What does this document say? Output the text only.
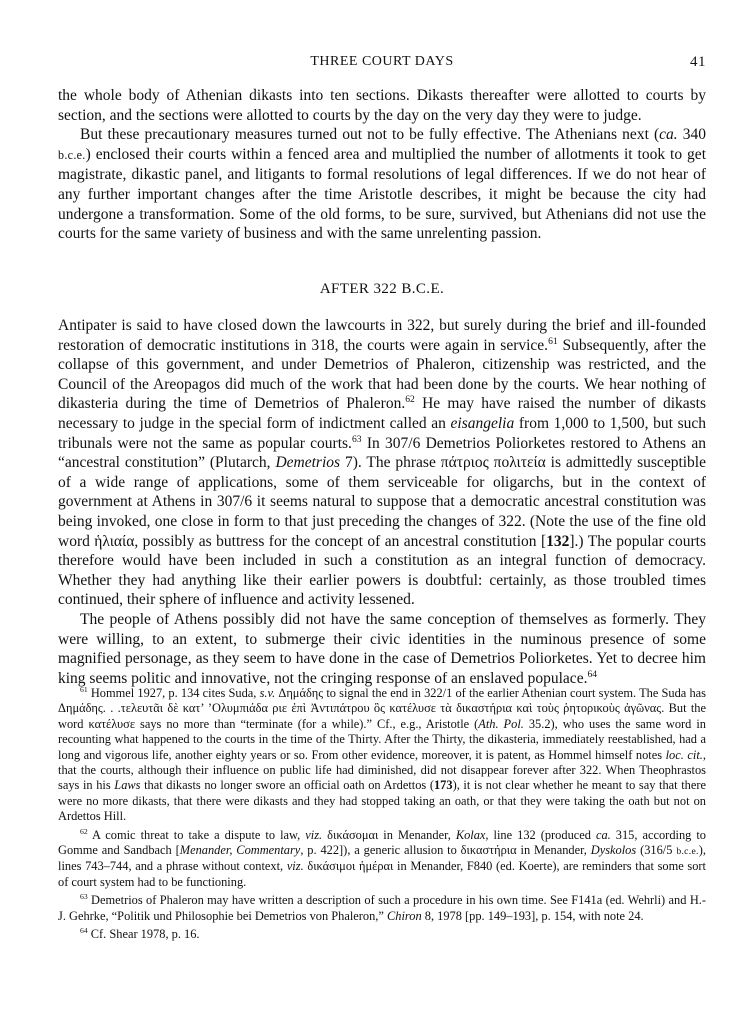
THREE COURT DAYS	41

the whole body of Athenian dikasts into ten sections. Dikasts thereafter were allotted to courts by section, and the sections were allotted to courts by the day on the very day they were to judge.

But these precautionary measures turned out not to be fully effective. The Athenians next (ca. 340 b.c.e.) enclosed their courts within a fenced area and multiplied the number of allotments it took to get magistrate, dikastic panel, and litigants to formal resolutions of legal differences. If we do not hear of any further important changes after the time Aristotle describes, it might be because the city had undergone a transformation. Some of the old forms, to be sure, survived, but Athenians did not use the courts for the same variety of business and with the same unrelenting passion.

AFTER 322 B.C.E.

Antipater is said to have closed down the lawcourts in 322, but surely during the brief and ill-founded restoration of democratic institutions in 318, the courts were again in service.$^{61}$ Subsequently, after the collapse of this government, and under Demetrios of Phaleron, citizenship was restricted, and the Council of the Areopagos did much of the work that had been done by the courts. We hear nothing of dikasteria during the time of Demetrios of Phaleron.$^{62}$ He may have raised the number of dikasts necessary to judge in the special form of indictment called an eisangelia from 1,000 to 1,500, but such tribunals were not the same as popular courts.$^{63}$ In 307/6 Demetrios Poliorketes restored to Athens an “ancestral constitution” (Plutarch, Demetrios 7). The phrase πάτριος πολιτεία is admittedly susceptible of a wide range of applications, some of them serviceable for oligarchs, but in the context of government at Athens in 307/6 it seems natural to suppose that a democratic ancestral constitution was being invoked, one close in form to that just preceding the changes of 322. (Note the use of the fine old word ἡλιαία, possibly as buttress for the concept of an ancestral constitution [132].) The popular courts therefore would have been included in such a constitution as an integral function of democracy. Whether they had anything like their earlier powers is doubtful: certainly, as those troubled times continued, their sphere of influence and activity lessened.

The people of Athens possibly did not have the same conception of themselves as formerly. They were willing, to an extent, to submerge their civic identities in the numinous presence of some magnified personage, as they seem to have done in the case of Demetrios Poliorketes. Yet to decree him king seems politic and innovative, not the cringing response of an enslaved populace.$^{64}$

$^{61}$ Hommel 1927, p. 134 cites Suda, s.v. Δημάδης to signal the end in 322/1 of the earlier Athenian court system. The Suda has Δημάδης. . .τελευτᾶι δὲ κατ’ ’Ολυμπιάδα ριε ἐπὶ Ἀντιπάτρου ὃς κατέλυσε τὰ δικαστήρια καὶ τοὺς ῥητορικοὺς ἀγῶνας. But the word κατέλυσε says no more than “terminate (for a while).” Cf., e.g., Aristotle (Ath. Pol. 35.2), who uses the same word in recounting what happened to the courts in the time of the Thirty. After the Thirty, the dikasteria, immediately reestablished, had a long and vigorous life, another eighty years or so. From other evidence, moreover, it is patent, as Hommel himself notes loc. cit., that the courts, although their influence on public life had diminished, did not disappear forever after 322. When Theophrastos says in his Laws that dikasts no longer swore an official oath on Ardettos (173), it is not clear whether he meant to say that there were no more dikasts, that there were dikasts and they had stopped taking an oath, or that they were taking the oath but not on Ardettos Hill.

$^{62}$ A comic threat to take a dispute to law, viz. δικάσομαι in Menander, Kolax, line 132 (produced ca. 315, according to Gomme and Sandbach [Menander, Commentary, p. 422]), a generic allusion to δικαστήρια in Menander, Dyskolos (316/5 b.c.e.), lines 743–744, and a phrase without context, viz. δικάσιμοι ἡμέραι in Menander, F840 (ed. Koerte), are reminders that some sort of court system had to be functioning.

$^{63}$ Demetrios of Phaleron may have written a description of such a procedure in his own time. See F141a (ed. Wehrli) and H.-J. Gehrke, “Politik und Philosophie bei Demetrios von Phaleron,” Chiron 8, 1978 [pp. 149–193], p. 154, with note 24.

$^{64}$ Cf. Shear 1978, p. 16.
